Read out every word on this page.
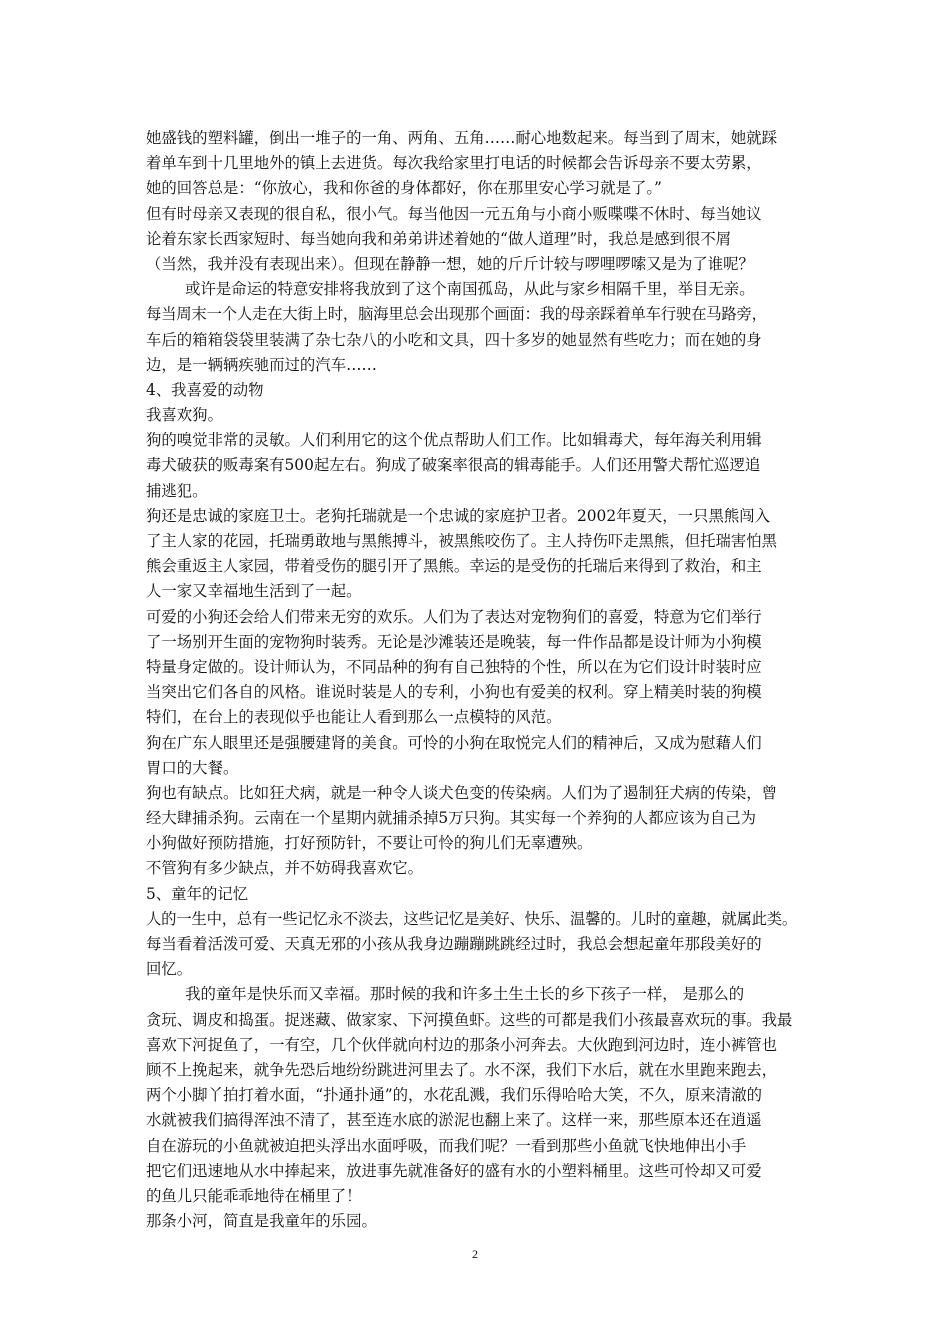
她盛钱的塑料罐，倒出一堆子的一角、两角、五角……耐心地数起来。每当到了周末，她就踩
着单车到十几里地外的镇上去进货。每次我给家里打电话的时候都会告诉母亲不要太劳累，
她的回答总是：“你放心，我和你爸的身体都好，你在那里安心学习就是了。”
但有时母亲又表现的很自私，很小气。每当他因一元五角与小商小贩喋喋不休时、每当她议
论着东家长西家短时、每当她向我和弟弟讲述着她的“做人道理”时，我总是感到很不屑
（当然，我并没有表现出来）。但现在静静一想，她的斤斤计较与啰哩啰嗦又是为了谁呢？
或许是命运的特意安排将我放到了这个南国孤岛，从此与家乡相隔千里，举目无亲。
每当周末一个人走在大街上时，脑海里总会出现那个画面：我的母亲踩着单车行驶在马路旁，
车后的箱箱袋袋里装满了杂七杂八的小吃和文具，四十多岁的她显然有些吃力；而在她的身
边，是一辆辆疾驰而过的汽车……
4、我喜爱的动物
我喜欢狗。
狗的嗅觉非常的灵敏。人们利用它的这个优点帮助人们工作。比如辑毒犬，每年海关利用辑
毒犬破获的贩毒案有500起左右。狗成了破案率很高的辑毒能手。人们还用警犬帮忙巡逻追
捕逃犯。
狗还是忠诚的家庭卫士。老狗托瑞就是一个忠诚的家庭护卫者。2002年夏天，一只黑熊闯入
了主人家的花园，托瑞勇敢地与黑熊搏斗，被黑熊咬伤了。主人持伤吓走黑熊，但托瑞害怕黑
熊会重返主人家园，带着受伤的腿引开了黑熊。幸运的是受伤的托瑞后来得到了救治，和主
人一家又幸福地生活到了一起。
可爱的小狗还会给人们带来无穷的欢乐。人们为了表达对宠物狗们的喜爱，特意为它们举行
了一场别开生面的宠物狗时装秀。无论是沙滩装还是晚装，每一件作品都是设计师为小狗模
特量身定做的。设计师认为，不同品种的狗有自己独特的个性，所以在为它们设计时装时应
当突出它们各自的风格。谁说时装是人的专利，小狗也有爱美的权利。穿上精美时装的狗模
特们，在台上的表现似乎也能让人看到那么一点模特的风范。
狗在广东人眼里还是强腰建肾的美食。可怜的小狗在取悦完人们的精神后，又成为慰藉人们
胃口的大餐。
狗也有缺点。比如狂犬病，就是一种令人谈犬色变的传染病。人们为了遏制狂犬病的传染，曾
经大肆捕杀狗。云南在一个星期内就捕杀掉5万只狗。其实每一个养狗的人都应该为自己为
小狗做好预防措施，打好预防针，不要让可怜的狗儿们无辜遭殃。
不管狗有多少缺点，并不妨碍我喜欢它。
5、童年的记忆
人的一生中，总有一些记忆永不淡去，这些记忆是美好、快乐、温馨的。儿时的童趣，就属此类。
每当看着活泼可爱、天真无邪的小孩从我身边蹦蹦跳跳经过时，我总会想起童年那段美好的
回忆。
我的童年是快乐而又幸福。那时候的我和许多土生土长的乡下孩子一样， 是那么的
贪玩、调皮和捣蛋。捉迷藏、做家家、下河摸鱼虾。这些的可都是我们小孩最喜欢玩的事。我最
喜欢下河捉鱼了，一有空，几个伙伴就向村边的那条小河奔去。大伙跑到河边时，连小裤管也
顾不上挽起来，就争先恐后地纷纷跳进河里去了。水不深，我们下水后，就在水里跑来跑去，
两个小脚丫拍打着水面，“扑通扑通”的，水花乱溅，我们乐得哈哈大笑，不久，原来清澈的
水就被我们搞得浑浊不清了，甚至连水底的淤泥也翻上来了。这样一来，那些原本还在逍遥
自在游玩的小鱼就被迫把头浮出水面呼吸，而我们呢？一看到那些小鱼就飞快地伸出小手
把它们迅速地从水中捧起来，放进事先就准备好的盛有水的小塑料桶里。这些可怜却又可爱
的鱼儿只能乖乖地待在桶里了！
那条小河，简直是我童年的乐园。
2
